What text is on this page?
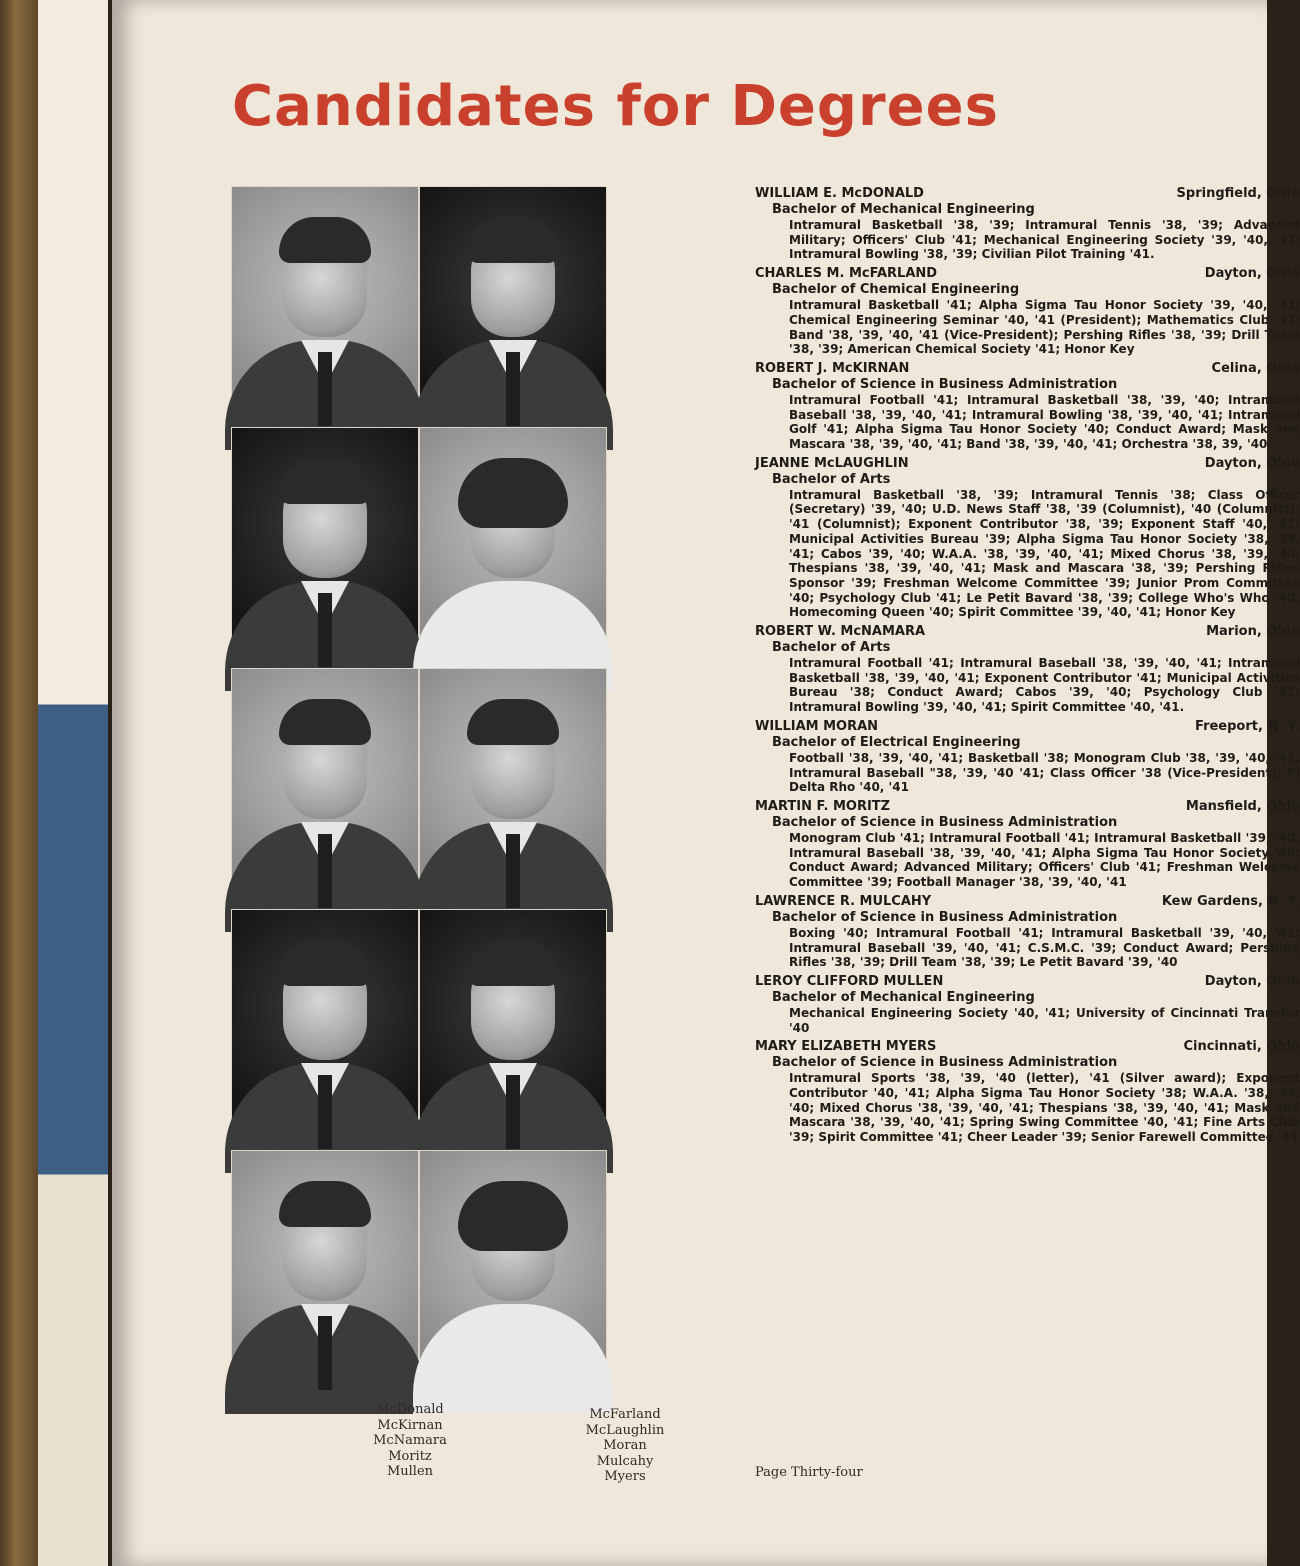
Candidates for Degrees
McDonald
McKirnan
McNamara
Moritz
Mullen
McFarland
McLaughlin
Moran
Mulcahy
Myers
WILLIAM E. McDONALD	Springfield, Ohio
Bachelor of Mechanical Engineering
Intramural Basketball '38, '39; Intramural Tennis '38, '39; Advanced Military; Officers' Club '41; Mechanical Engineering Society '39, '40, '41; Intramural Bowling '38, '39; Civilian Pilot Training '41.
CHARLES M. McFARLAND	Dayton, Ohio
Bachelor of Chemical Engineering
Intramural Basketball '41; Alpha Sigma Tau Honor Society '39, '40, '41; Chemical Engineering Seminar '40, '41 (President); Mathematics Club '41; Band '38, '39, '40, '41 (Vice-President); Pershing Rifles '38, '39; Drill Team '38, '39; American Chemical Society '41; Honor Key
ROBERT J. McKIRNAN	Celina, Ohio
Bachelor of Science in Business Administration
Intramural Football '41; Intramural Basketball '38, '39, '40; Intramural Baseball '38, '39, '40, '41; Intramural Bowling '38, '39, '40, '41; Intramural Golf '41; Alpha Sigma Tau Honor Society '40; Conduct Award; Mask and Mascara '38, '39, '40, '41; Band '38, '39, '40, '41; Orchestra '38, 39, '40
JEANNE McLAUGHLIN	Dayton, Ohio
Bachelor of Arts
Intramural Basketball '38, '39; Intramural Tennis '38; Class Officer (Secretary) '39, '40; U.D. News Staff '38, '39 (Columnist), '40 (Columnist), '41 (Columnist); Exponent Contributor '38, '39; Exponent Staff '40, '41; Municipal Activities Bureau '39; Alpha Sigma Tau Honor Society '38, '39, '41; Cabos '39, '40; W.A.A. '38, '39, '40, '41; Mixed Chorus '38, '39, '40; Thespians '38, '39, '40, '41; Mask and Mascara '38, '39; Pershing Rifles Sponsor '39; Freshman Welcome Committee '39; Junior Prom Committee '40; Psychology Club '41; Le Petit Bavard '38, '39; College Who's Who '40; Homecoming Queen '40; Spirit Committee '39, '40, '41; Honor Key
ROBERT W. McNAMARA	Marion, Ohio
Bachelor of Arts
Intramural Football '41; Intramural Baseball '38, '39, '40, '41; Intramural Basketball '38, '39, '40, '41; Exponent Contributor '41; Municipal Activities Bureau '38; Conduct Award; Cabos '39, '40; Psychology Club '41; Intramural Bowling '39, '40, '41; Spirit Committee '40, '41.
WILLIAM MORAN	Freeport, N. Y.
Bachelor of Electrical Engineering
Football '38, '39, '40, '41; Basketball '38; Monogram Club '38, '39, '40, '41; Intramural Baseball "38, '39, '40 '41; Class Officer '38 (Vice-President); Pi Delta Rho '40, '41
MARTIN F. MORITZ	Mansfield, Ohio
Bachelor of Science in Business Administration
Monogram Club '41; Intramural Football '41; Intramural Basketball '39, '40; Intramural Baseball '38, '39, '40, '41; Alpha Sigma Tau Honor Society '40; Conduct Award; Advanced Military; Officers' Club '41; Freshman Welcome Committee '39; Football Manager '38, '39, '40, '41
LAWRENCE R. MULCAHY	Kew Gardens, N. Y.
Bachelor of Science in Business Administration
Boxing '40; Intramural Football '41; Intramural Basketball '39, '40, '41; Intramural Baseball '39, '40, '41; C.S.M.C. '39; Conduct Award; Pershing Rifles '38, '39; Drill Team '38, '39; Le Petit Bavard '39, '40
LEROY CLIFFORD MULLEN	Dayton, Ohio
Bachelor of Mechanical Engineering
Mechanical Engineering Society '40, '41; University of Cincinnati Transfer '40
MARY ELIZABETH MYERS	Cincinnati, Ohio
Bachelor of Science in Business Administration
Intramural Sports '38, '39, '40 (letter), '41 (Silver award); Exponent Contributor '40, '41; Alpha Sigma Tau Honor Society '38; W.A.A. '38, '39, '40; Mixed Chorus '38, '39, '40, '41; Thespians '38, '39, '40, '41; Mask and Mascara '38, '39, '40, '41; Spring Swing Committee '40, '41; Fine Arts Club '39; Spirit Committee '41; Cheer Leader '39; Senior Farewell Committee '41
Page Thirty-four
